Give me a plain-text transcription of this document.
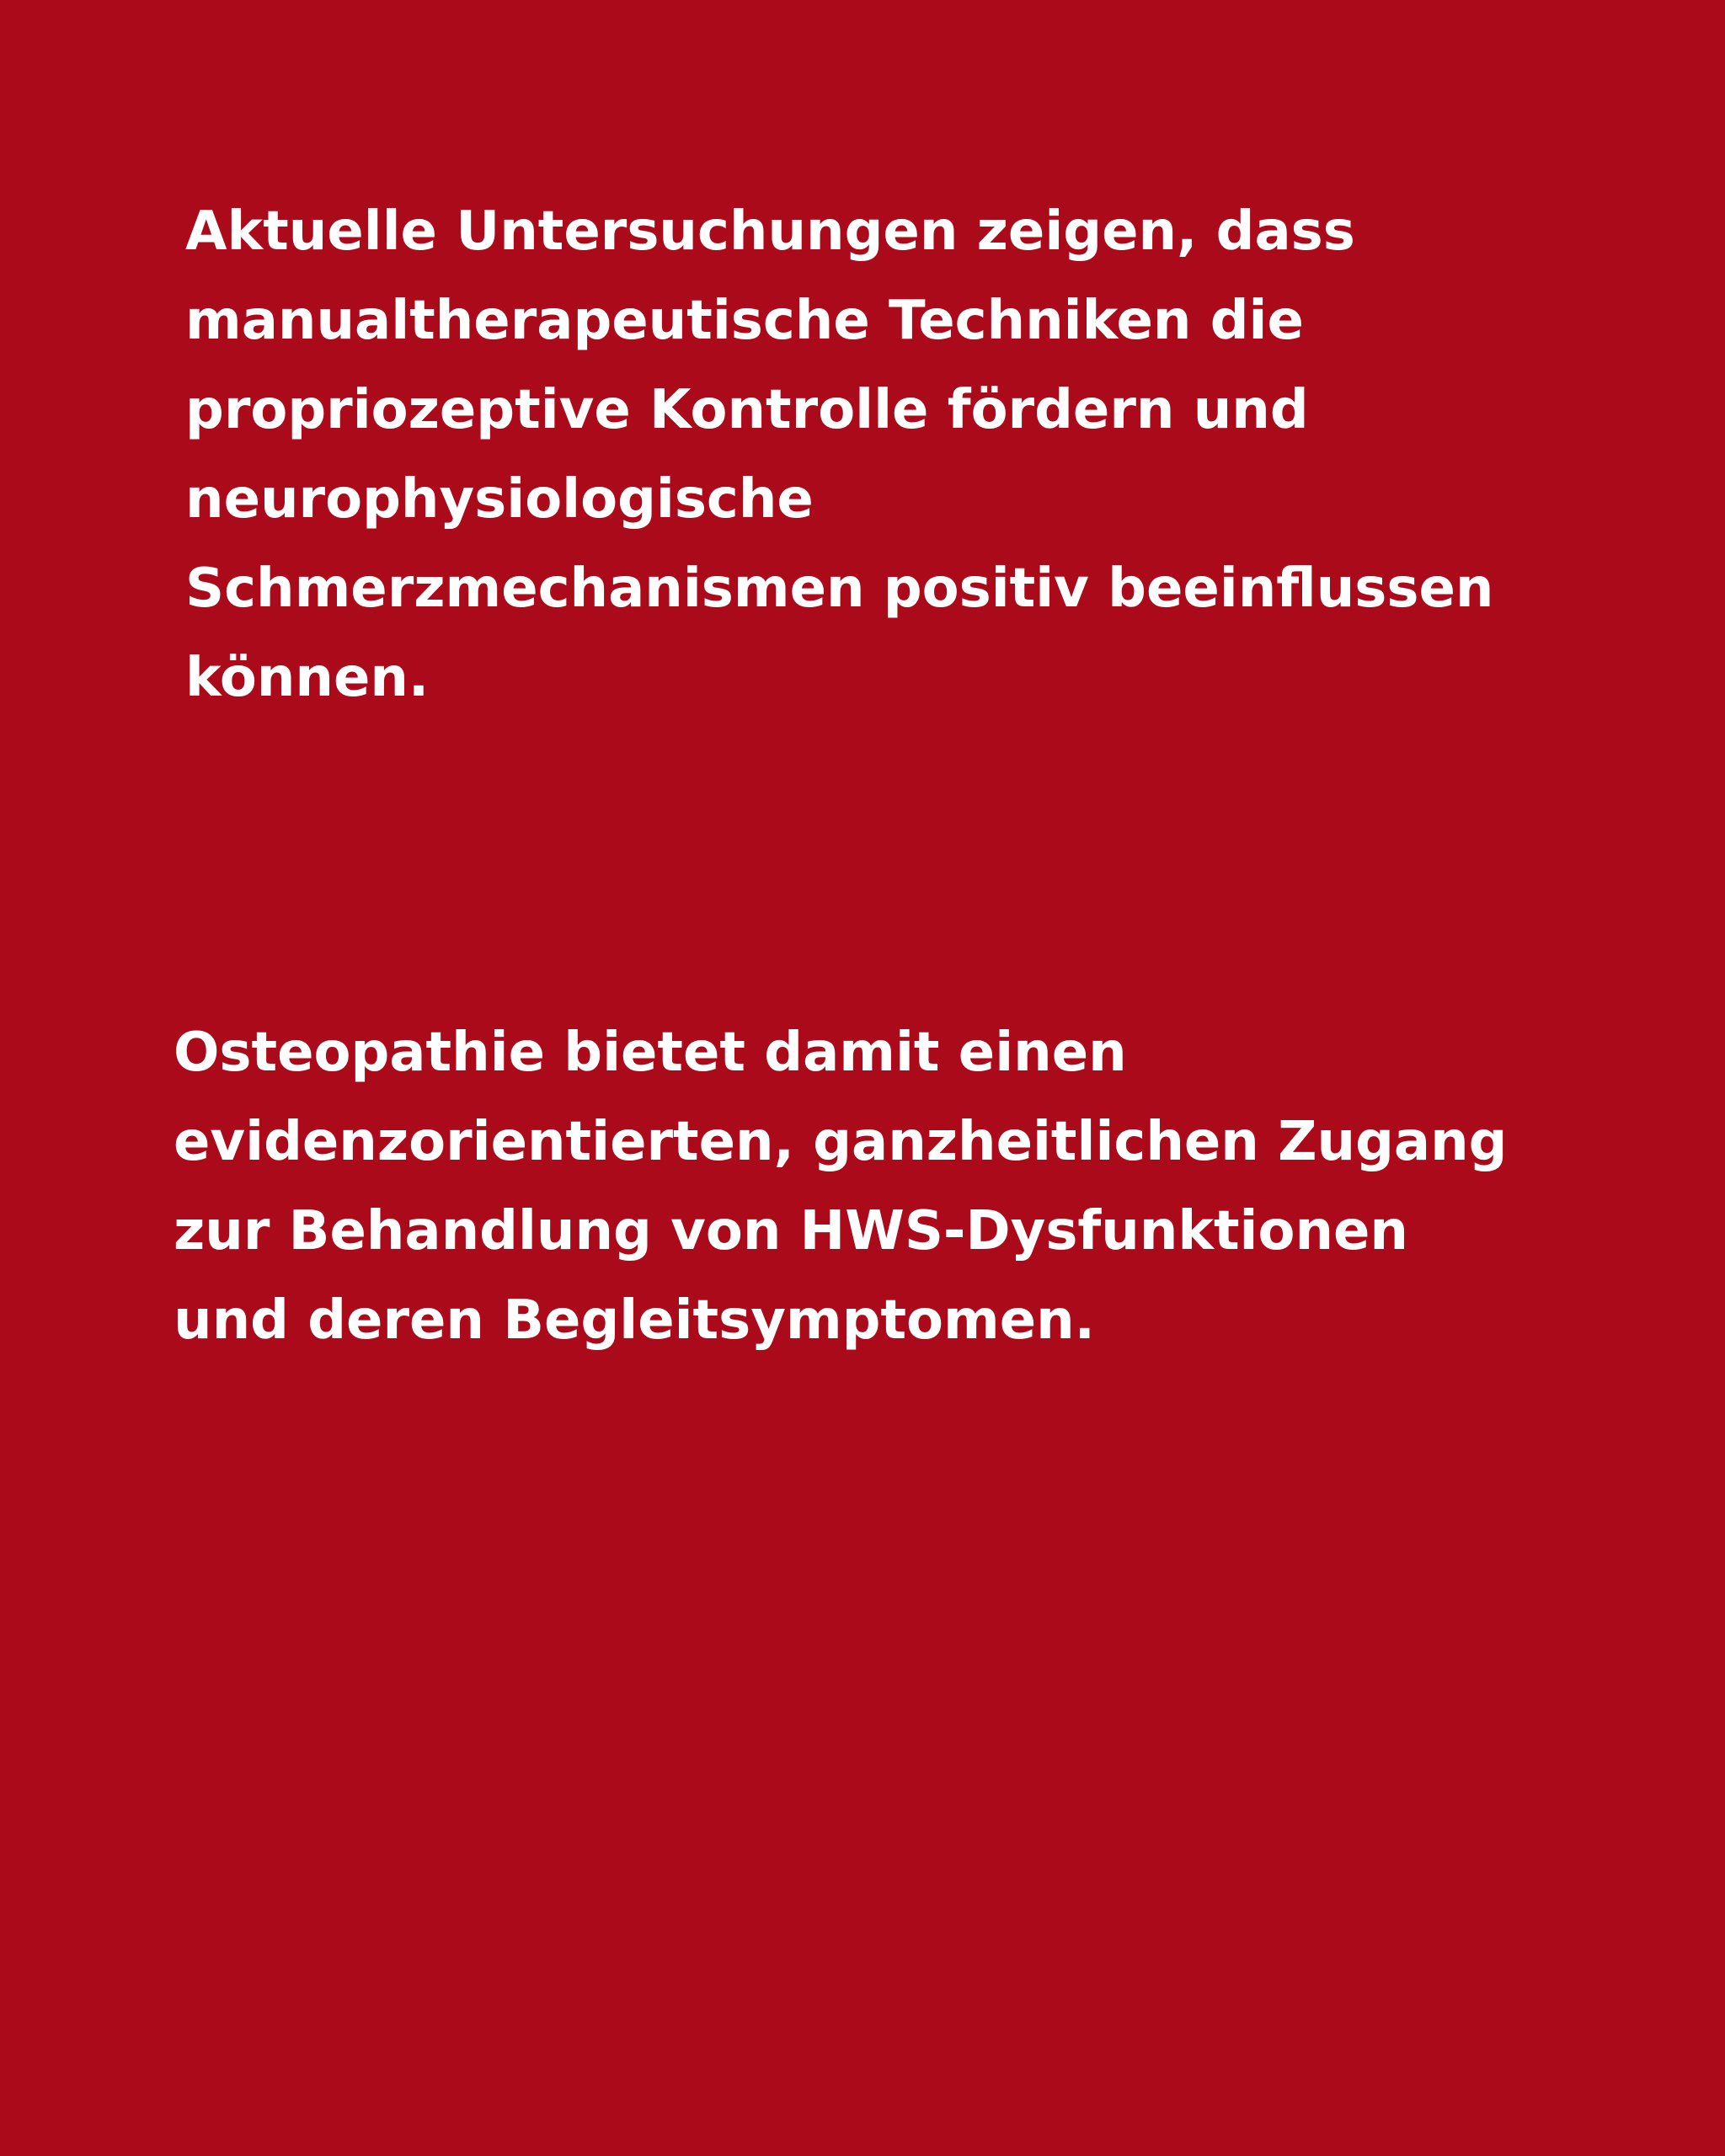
Aktuelle Untersuchungen zeigen, dass
manualtherapeutische Techniken die
propriozeptive Kontrolle fördern und
neurophysiologische
Schmerzmechanismen positiv beeinflussen
können.

Osteopathie bietet damit einen
evidenzorientierten, ganzheitlichen Zugang
zur Behandlung von HWS-Dysfunktionen
und deren Begleitsymptomen.
